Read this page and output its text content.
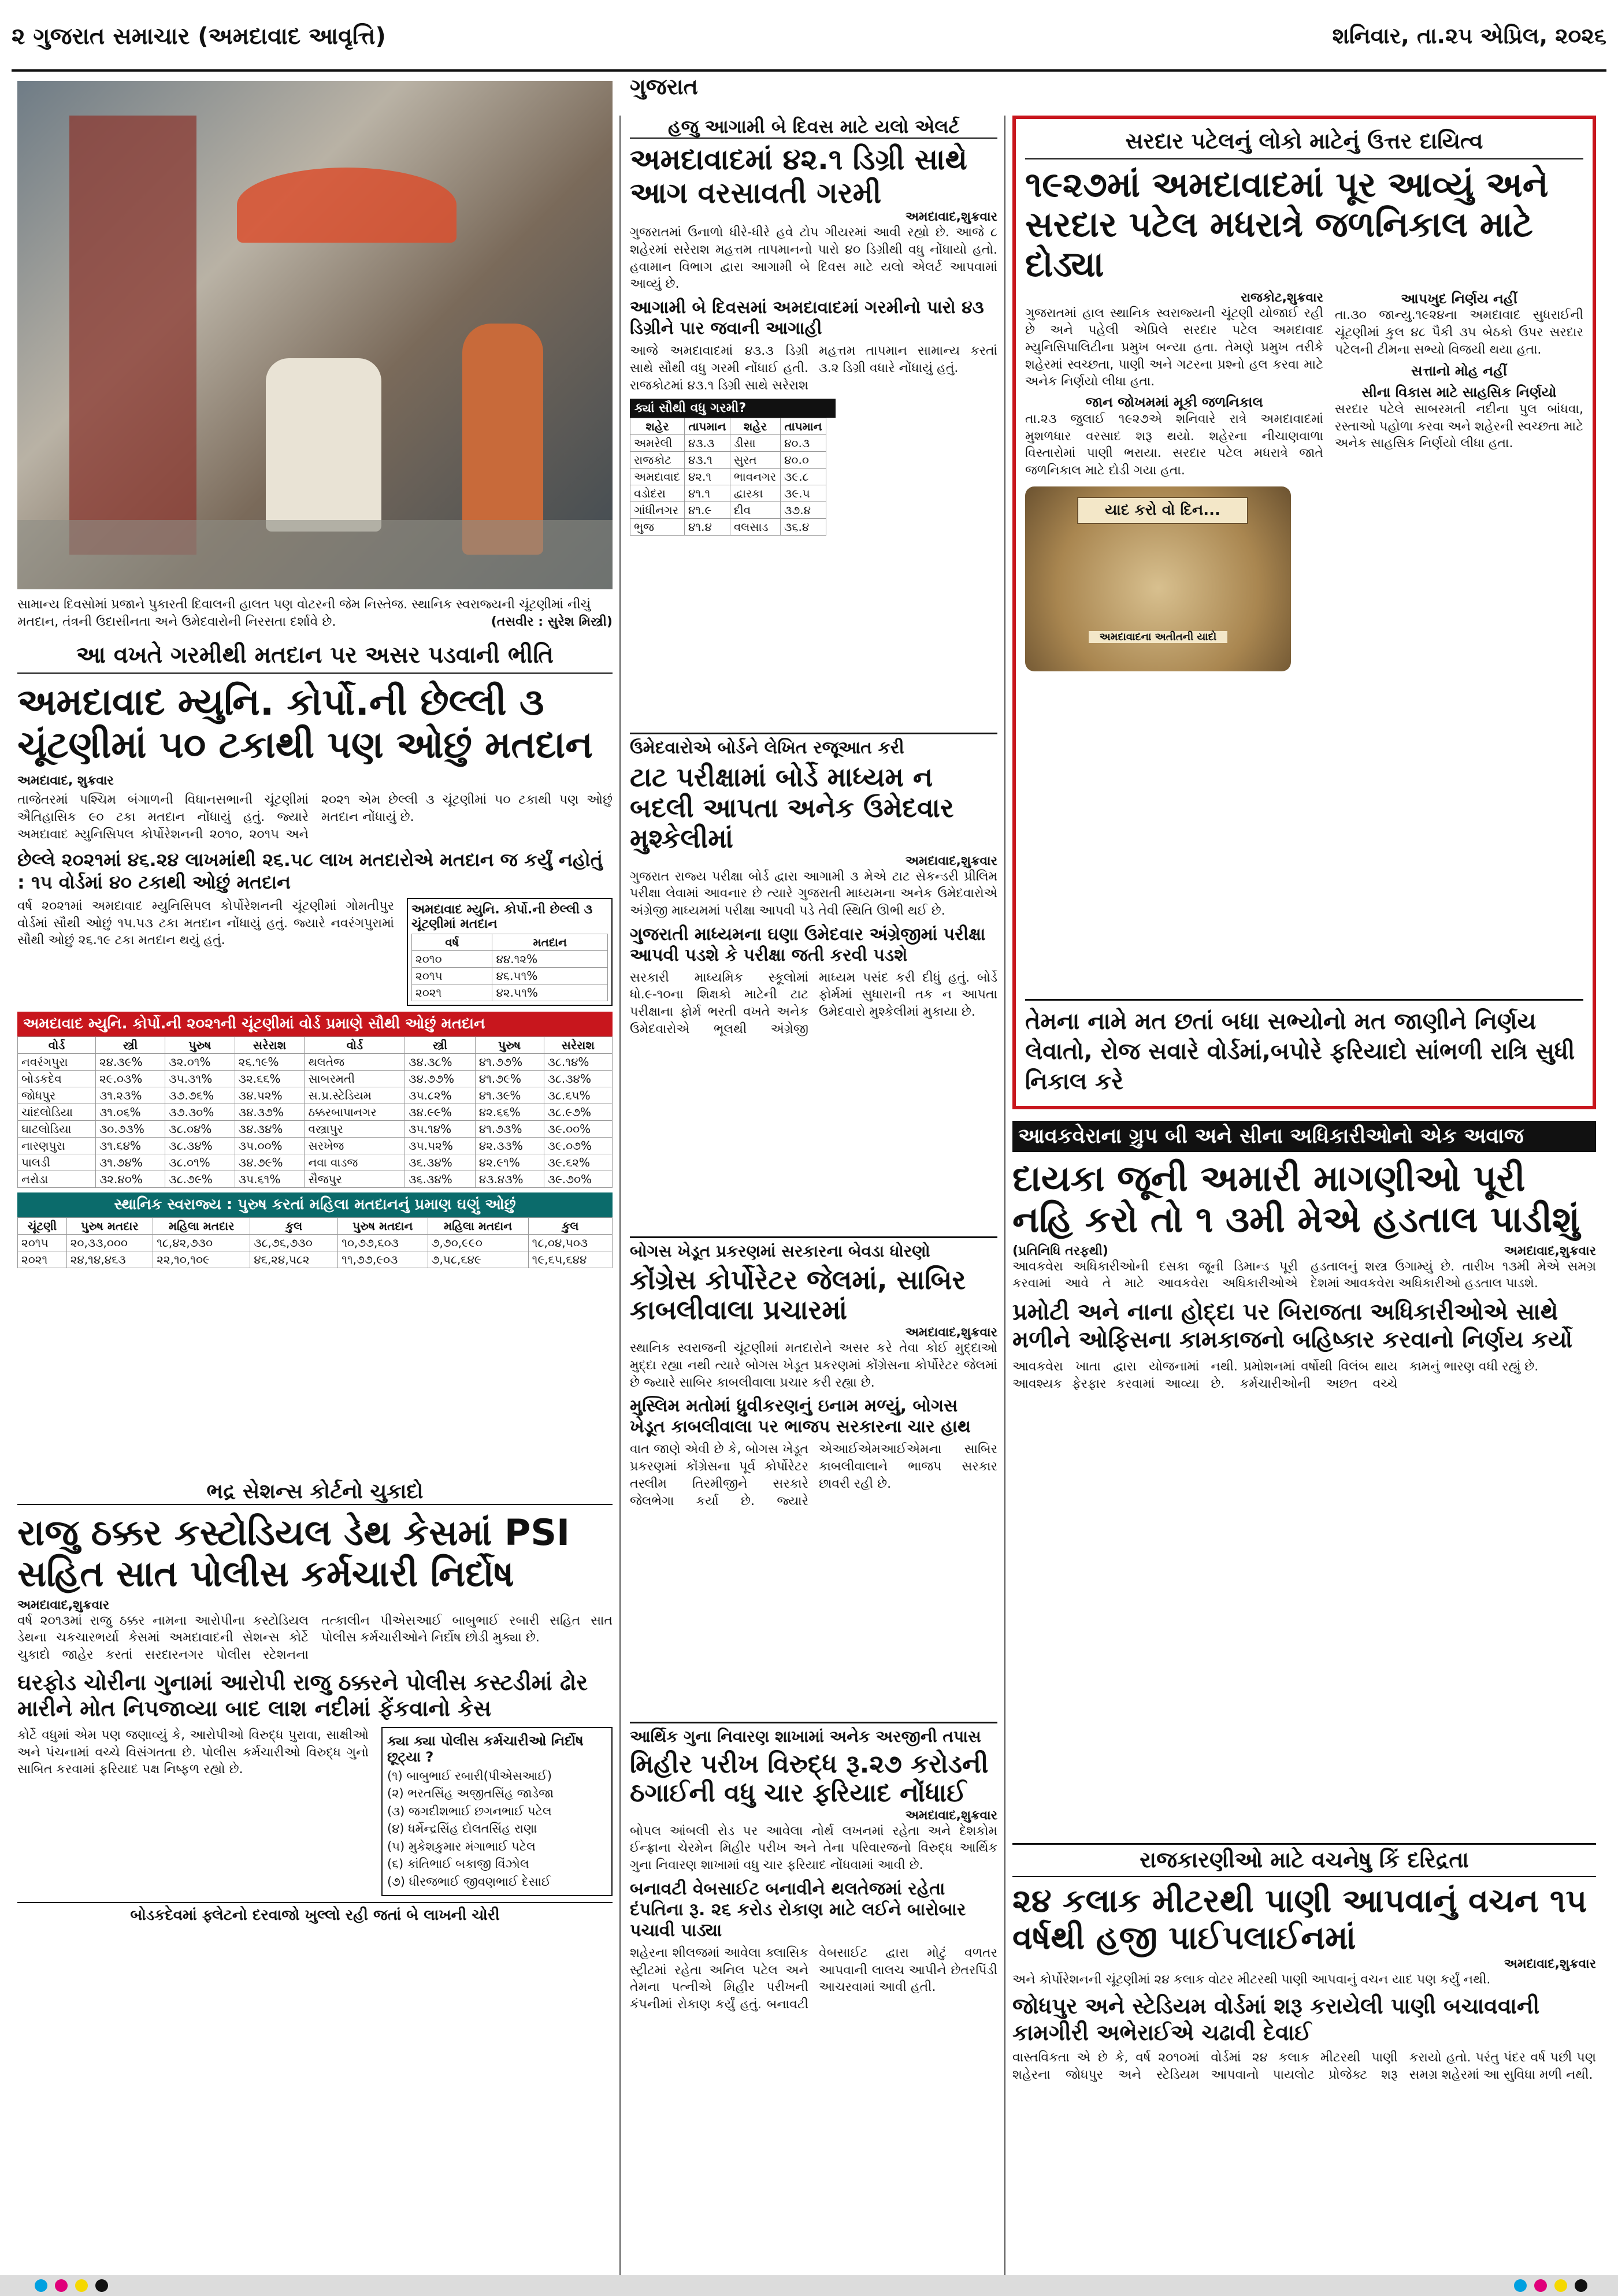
૨ ગુજરાત સમાચાર (અમદાવાદ આવૃત્તિ)	શનિવાર, તા.૨૫ એપ્રિલ, ૨૦૨૬
ગુજરાત
સામાન્ય દિવસોમાં પ્રજાને પુકારતી દિવાલની હાલત પણ વોટરની જેમ નિસ્તેજ. સ્થાનિક સ્વરાજ્યની ચૂંટણીમાં નીચું મતદાન, તંત્રની ઉદાસીનતા અને ઉમેદવારોની નિરસતા દર્શાવે છે.	(તસવીર : સુરેશ મિસ્ત્રી)
આ વખતે ગરમીથી મતદાન પર અસર પડવાની ભીતિ
અમદાવાદ મ્યુનિ. કોર્પો.ની છેલ્લી ૩ ચૂંટણીમાં ૫૦ ટકાથી પણ ઓછું મતદાન
અમદાવાદ, શુક્રવાર

તાજેતરમાં પશ્ચિમ બંગાળની વિધાનસભાની ચૂંટણીમાં ઐતિહાસિક ૯૦ ટકા મતદાન નોંધાયું હતું. જ્યારે અમદાવાદ મ્યુનિસિપલ કોર્પોરેશનની ૨૦૧૦, ૨૦૧૫ અને ૨૦૨૧ એમ છેલ્લી ૩ ચૂંટણીમાં ૫૦ ટકાથી પણ ઓછું મતદાન નોંધાયું છે.

છેલ્લે ૨૦૨૧માં ૪૬.૨૪ લાખમાંથી ૨૬.૫૮ લાખ મતદારોએ મતદાન જ કર્યું નહોતું : ૧૫ વોર્ડમાં ૪૦ ટકાથી ઓછું મતદાન

વર્ષ ૨૦૨૧માં અમદાવાદ મ્યુનિસિપલ કોર્પોરેશનની ચૂંટણીમાં ગોમતીપુર વોર્ડમાં સૌથી ઓછું ૧૫.૫૩ ટકા મતદાન નોંધાયું હતું. જ્યારે નવરંગપુરામાં સૌથી ઓછું ૨૬.૧૯ ટકા મતદાન થયું હતું.

અમદાવાદ મ્યુનિ. કોર્પો.ની છેલ્લી ૩ ચૂંટણીમાં મતદાન
વર્ષ	મતદાન
૨૦૧૦	૪૪.૧૨%
૨૦૧૫	૪૬.૫૧%
૨૦૨૧	૪૨.૫૧%
અમદાવાદ મ્યુનિ. કોર્પો.ની ૨૦૨૧ની ચૂંટણીમાં વોર્ડ પ્રમાણે સૌથી ઓછું મતદાન
વોર્ડ	સ્ત્રી	પુરુષ	સરેરાશ	વોર્ડ	સ્ત્રી	પુરુષ	સરેરાશ
નવરંગપુરા	૨૪.૩૯%	૩૨.૦૧%	૨૬.૧૯%	થલતેજ	૩૪.૩૮%	૪૧.૭૭%	૩૮.૧૪%
બોડકદેવ	૨૯.૦૩%	૩૫.૩૧%	૩૨.૬૬%	સાબરમતી	૩૪.૭૭%	૪૧.૭૯%	૩૮.૩૪%
જોધપુર	૩૧.૨૩%	૩૭.૭૬%	૩૪.૫૨%	સ.પ્ર.સ્ટેડિયમ	૩૫.૮૨%	૪૧.૩૯%	૩૮.૬૫%
ચાંદલોડિયા	૩૧.૦૬%	૩૭.૩૦%	૩૪.૩૭%	ઠક્કરબાપાનગર	૩૪.૯૯%	૪૨.૬૬%	૩૮.૯૭%
ઘાટલોડિયા	૩૦.૭૩%	૩૮.૦૪%	૩૪.૩૪%	વસ્ત્રાપુર	૩૫.૧૪%	૪૧.૭૩%	૩૯.૦૦%
નારણપુરા	૩૧.૬૪%	૩૮.૩૪%	૩૫.૦૦%	સરખેજ	૩૫.૫૨%	૪૨.૩૩%	૩૯.૦૭%
પાલડી	૩૧.૭૪%	૩૮.૦૧%	૩૪.૭૯%	નવા વાડજ	૩૬.૩૪%	૪૨.૯૧%	૩૯.૬૨%
નરોડા	૩૨.૪૦%	૩૮.૭૯%	૩૫.૬૧%	સૈજપુર	૩૬.૩૪%	૪૩.૪૩%	૩૯.૭૦%
સ્થાનિક સ્વરાજ્ય : પુરુષ કરતાં મહિલા મતદાનનું પ્રમાણ ઘણું ઓછું
ચૂંટણી	પુરુષ મતદાર	મહિલા મતદાર	કુલ	પુરુષ મતદાન	મહિલા મતદાન	કુલ
૨૦૧૫	૨૦,૩૩,૦૦૦	૧૮,૪૨,૭૩૦	૩૮,૭૬,૭૩૦	૧૦,૭૭,૬૦૩	૭,૭૦,૯૯૦	૧૮,૦૪,૫૦૩
૨૦૨૧	૨૪,૧૪,૪૬૩	૨૨,૧૦,૧૦૯	૪૬,૨૪,૫૮૨	૧૧,૭૭,૯૦૩	૭,૫૮,૬૪૯	૧૯,૬૫,૬૪૪
ભદ્ર સેશન્સ કોર્ટનો ચુકાદો
રાજુ ઠક્કર કસ્ટોડિયલ ડેથ કેસમાં PSI સહિત સાત પોલીસ કર્મચારી નિર્દોષ
અમદાવાદ,શુક્રવાર

વર્ષ ૨૦૧૩માં રાજુ ઠક્કર નામના આરોપીના કસ્ટોડિયલ ડેથના ચકચારભર્યા કેસમાં અમદાવાદની સેશન્સ કોર્ટે ચુકાદો જાહેર કરતાં સરદારનગર પોલીસ સ્ટેશનના તત્કાલીન પીએસઆઈ બાબુભાઈ રબારી સહિત સાત પોલીસ કર્મચારીઓને નિર્દોષ છોડી મુક્યા છે.

ઘરફોડ ચોરીના ગુનામાં આરોપી રાજુ ઠક્કરને પોલીસ કસ્ટડીમાં ઢોર મારીને મોત નિપજાવ્યા બાદ લાશ નદીમાં ફેંકવાનો કેસ

કોર્ટે વધુમાં એમ પણ જણાવ્યું કે, આરોપીઓ વિરુદ્ધ પુરાવા, સાક્ષીઓ અને પંચનામાં વચ્ચે વિસંગતતા છે. પોલીસ કર્મચારીઓ વિરુદ્ધ ગુનો સાબિત કરવામાં ફરિયાદ પક્ષ નિષ્ફળ રહ્યો છે.

ક્યા ક્યા પોલીસ કર્મચારીઓ નિર્દોષ છૂટ્યા ?
(૧) બાબુભાઈ રબારી(પીએસઆઈ)
(૨) ભરતસિંહ અજીતસિંહ જાડેજા
(૩) જગદીશભાઈ છગનભાઈ પટેલ
(૪) ધર્મેન્દ્રસિંહ દોલતસિંહ રાણા
(૫) મુકેશકુમાર મંગાભાઈ પટેલ
(૬) કાંતિભાઈ બકાજી વિંઝોલ
(૭) ધીરજભાઈ જીવણભાઈ દેસાઈ
બોડકદેવમાં ફ્લેટનો દરવાજો ખુલ્લો રહી જતાં બે લાખની ચોરી
હજુ આગામી બે દિવસ માટે યલો એલર્ટ
અમદાવાદમાં ૪૨.૧ ડિગ્રી સાથે આગ વરસાવતી ગરમી
અમદાવાદ,શુક્રવાર

ગુજરાતમાં ઉનાળો ધીરે-ધીરે હવે ટોપ ગીયરમાં આવી રહ્યો છે. આજે ૮ શહેરમાં સરેરાશ મહત્તમ તાપમાનનો પારો ૪૦ ડિગ્રીથી વધુ નોંધાયો હતો. હવામાન વિભાગ દ્વારા આગામી બે દિવસ માટે યલો એલર્ટ આપવામાં આવ્યું છે.

આગામી બે દિવસમાં અમદાવાદમાં ગરમીનો પારો ૪૩ ડિગ્રીને પાર જવાની આગાહી

આજે અમદાવાદમાં ૪૩.૩ ડિગ્રી સાથે સૌથી વધુ ગરમી નોંધાઈ હતી. રાજકોટમાં ૪૩.૧ ડિગ્રી સાથે સરેરાશ મહત્તમ તાપમાન સામાન્ય કરતાં ૩.૨ ડિગ્રી વધારે નોંધાયું હતું.

ક્યાં સૌથી વધુ ગરમી?
શહેર	તાપમાન	શહેર	તાપમાન
અમરેલી	૪૩.૩	ડીસા	૪૦.૩
રાજકોટ	૪૩.૧	સુરત	૪૦.૦
અમદાવાદ	૪૨.૧	ભાવનગર	૩૯.૮
વડોદરા	૪૧.૧	દ્વારકા	૩૯.૫
ગાંધીનગર	૪૧.૯	દીવ	૩૭.૪
ભુજ	૪૧.૪	વલસાડ	૩૬.૪
ઉમેદવારોએ બોર્ડને લેખિત રજૂઆત કરી
ટાટ પરીક્ષામાં બોર્ડે માધ્યમ ન બદલી આપતા અનેક ઉમેદવાર મુશ્કેલીમાં
અમદાવાદ,શુક્રવાર

ગુજરાત રાજ્ય પરીક્ષા બોર્ડ દ્વારા આગામી ૩ મેએ ટાટ સેકન્ડરી પ્રીલિમ પરીક્ષા લેવામાં આવનાર છે ત્યારે ગુજરાતી માધ્યમના અનેક ઉમેદવારોએ અંગ્રેજી માધ્યમમાં પરીક્ષા આપવી પડે તેવી સ્થિતિ ઊભી થઈ છે.

ગુજરાતી માધ્યમના ઘણા ઉમેદવાર અંગ્રેજીમાં પરીક્ષા આપવી પડશે કે પરીક્ષા જતી કરવી પડશે

સરકારી માધ્યમિક સ્કૂલોમાં ધો.૯-૧૦ના શિક્ષકો માટેની ટાટ પરીક્ષાના ફોર્મ ભરતી વખતે અનેક ઉમેદવારોએ ભૂલથી અંગ્રેજી માધ્યમ પસંદ કરી દીધું હતું. બોર્ડે ફોર્મમાં સુધારાની તક ન આપતા ઉમેદવારો મુશ્કેલીમાં મુકાયા છે.

બોગસ ખેડૂત પ્રકરણમાં સરકારના બેવડા ધોરણો
કોંગ્રેસ કોર્પોરેટર જેલમાં, સાબિર કાબલીવાલા પ્રચારમાં
અમદાવાદ,શુક્રવાર

સ્થાનિક સ્વરાજની ચૂંટણીમાં મતદારોને અસર કરે તેવા કોઈ મુદ્દાઓ મુદ્દા રહ્યા નથી ત્યારે બોગસ ખેડૂત પ્રકરણમાં કોંગ્રેસના કોર્પોરેટર જેલમાં છે જ્યારે સાબિર કાબલીવાલા પ્રચાર કરી રહ્યા છે.

મુસ્લિમ મતોમાં ધ્રુવીકરણનું ઇનામ મળ્યું, બોગસ ખેડૂત કાબલીવાલા પર ભાજપ સરકારના ચાર હાથ

વાત જાણે એવી છે કે, બોગસ ખેડૂત પ્રકરણમાં કોંગ્રેસના પૂર્વ કોર્પોરેટર તસ્લીમ તિરમીજીને સરકારે જેલભેગા કર્યા છે. જ્યારે એઆઈએમઆઈએમના સાબિર કાબલીવાલાને ભાજપ સરકાર છાવરી રહી છે.

આર્થિક ગુના નિવારણ શાખામાં અનેક અરજીની તપાસ
મિહીર પરીખ વિરુદ્ધ રૂ.૨૭ કરોડની ઠગાઈની વધુ ચાર ફરિયાદ નોંધાઈ
અમદાવાદ,શુક્રવાર

બોપલ આંબલી રોડ પર આવેલા નોર્થ લખનમાં રહેતા અને દેશકોમ ઈન્ફ્રાના ચેરમેન મિહીર પરીખ અને તેના પરિવારજનો વિરુદ્ધ આર્થિક ગુના નિવારણ શાખામાં વધુ ચાર ફરિયાદ નોંધવામાં આવી છે.

બનાવટી વેબસાઈટ બનાવીને થલતેજમાં રહેતા દંપતિના રૂ. ૨૬ કરોડ રોકાણ માટે લઈને બારોબાર પચાવી પાડ્યા

શહેરના શીલજમાં આવેલા ક્લાસિક સ્ટ્રીટમાં રહેતા અનિલ પટેલ અને તેમના પત્નીએ મિહીર પરીખની કંપનીમાં રોકાણ કર્યું હતું. બનાવટી વેબસાઈટ દ્વારા મોટું વળતર આપવાની લાલચ આપીને છેતરપિંડી આચરવામાં આવી હતી.

સરદાર પટેલનું લોકો માટેનું ઉત્તર દાયિત્વ
૧૯૨૭માં અમદાવાદમાં પૂર આવ્યું અને સરદાર પટેલ મધરાત્રે જળનિકાલ માટે દોડ્યા
રાજકોટ,શુક્રવાર

ગુજરાતમાં હાલ સ્થાનિક સ્વરાજ્યની ચૂંટણી યોજાઈ રહી છે અને પહેલી એપ્રિલે સરદાર પટેલ અમદાવાદ મ્યુનિસિપાલિટીના પ્રમુખ બન્યા હતા. તેમણે પ્રમુખ તરીકે શહેરમાં સ્વચ્છતા, પાણી અને ગટરના પ્રશ્નો હલ કરવા માટે અનેક નિર્ણયો લીધા હતા.

જાન જોખમમાં મૂકી જળનિકાલ

તા.૨૩ જુલાઈ ૧૯૨૭એ શનિવારે રાત્રે અમદાવાદમાં મુશળધાર વરસાદ શરૂ થયો. શહેરના નીચાણવાળા વિસ્તારોમાં પાણી ભરાયા. સરદાર પટેલ મધરાત્રે જાતે જળનિકાલ માટે દોડી ગયા હતા.

યાદ કરો વો દિન...
અમદાવાદના અતીતની યાદો
આપખુદ નિર્ણય નહીં

તા.૩૦ જાન્યુ.૧૯૨૪ના અમદાવાદ સુધરાઈની ચૂંટણીમાં કુલ ૪૮ પૈકી ૩૫ બેઠકો ઉપર સરદાર પટેલની ટીમના સભ્યો વિજયી થયા હતા.

સત્તાનો મોહ નહીં
સીના વિકાસ માટે સાહસિક નિર્ણયો

સરદાર પટેલે સાબરમતી નદીના પુલ બાંધવા, રસ્તાઓ પહોળા કરવા અને શહેરની સ્વચ્છતા માટે અનેક સાહસિક નિર્ણયો લીધા હતા.

તેમના નામે મત છતાં બધા સભ્યોનો મત જાણીને નિર્ણય લેવાતો, રોજ સવારે વોર્ડમાં,બપોરે ફરિયાદો સાંભળી રાત્રિ સુધી નિકાલ કરે
આવકવેરાના ગ્રુપ બી અને સીના અધિકારીઓનો એક અવાજ
દાયકા જૂની અમારી માગણીઓ પૂરી નહિ કરો તો ૧ ૩મી મેએ હડતાલ પાડીશું
(પ્રતિનિધિ તરફથી)	અમદાવાદ,શુક્રવાર

આવકવેરા અધિકારીઓની દસકા જૂની ડિમાન્ડ પૂરી કરવામાં આવે તે માટે આવકવેરા અધિકારીઓએ હડતાલનું શસ્ત્ર ઉગામ્યું છે. તારીખ ૧૩મી મેએ સમગ્ર દેશમાં આવકવેરા અધિકારીઓ હડતાલ પાડશે.

પ્રમોટી અને નાના હોદ્દા પર બિરાજતા અધિકારીઓએ સાથે મળીને ઓફિસના કામકાજનો બહિષ્કાર કરવાનો નિર્ણય કર્યો

આવકવેરા ખાતા દ્વારા યોજનામાં આવશ્યક ફેરફાર કરવામાં આવ્યા નથી. પ્રમોશનમાં વર્ષોથી વિલંબ થાય છે. કર્મચારીઓની અછત વચ્ચે કામનું ભારણ વધી રહ્યું છે.

રાજકારણીઓ માટે વચનેષુ કિં દરિદ્રતા
૨૪ કલાક મીટરથી પાણી આપવાનું વચન ૧૫ વર્ષથી હજી પાઈપલાઈનમાં
અમદાવાદ,શુક્રવાર

અને કોર્પોરેશનની ચૂંટણીમાં ૨૪ કલાક વોટર મીટરથી પાણી આપવાનું વચન યાદ પણ કર્યું નથી.

જોધપુર અને સ્ટેડિયમ વોર્ડમાં શરૂ કરાયેલી પાણી બચાવવાની કામગીરી અભેરાઈએ ચઢાવી દેવાઈ

વાસ્તવિકતા એ છે કે, વર્ષ ૨૦૧૦માં શહેરના જોધપુર અને સ્ટેડિયમ વોર્ડમાં ૨૪ કલાક મીટરથી પાણી આપવાનો પાયલોટ પ્રોજેક્ટ શરૂ કરાયો હતો. પરંતુ પંદર વર્ષ પછી પણ સમગ્ર શહેરમાં આ સુવિધા મળી નથી.
